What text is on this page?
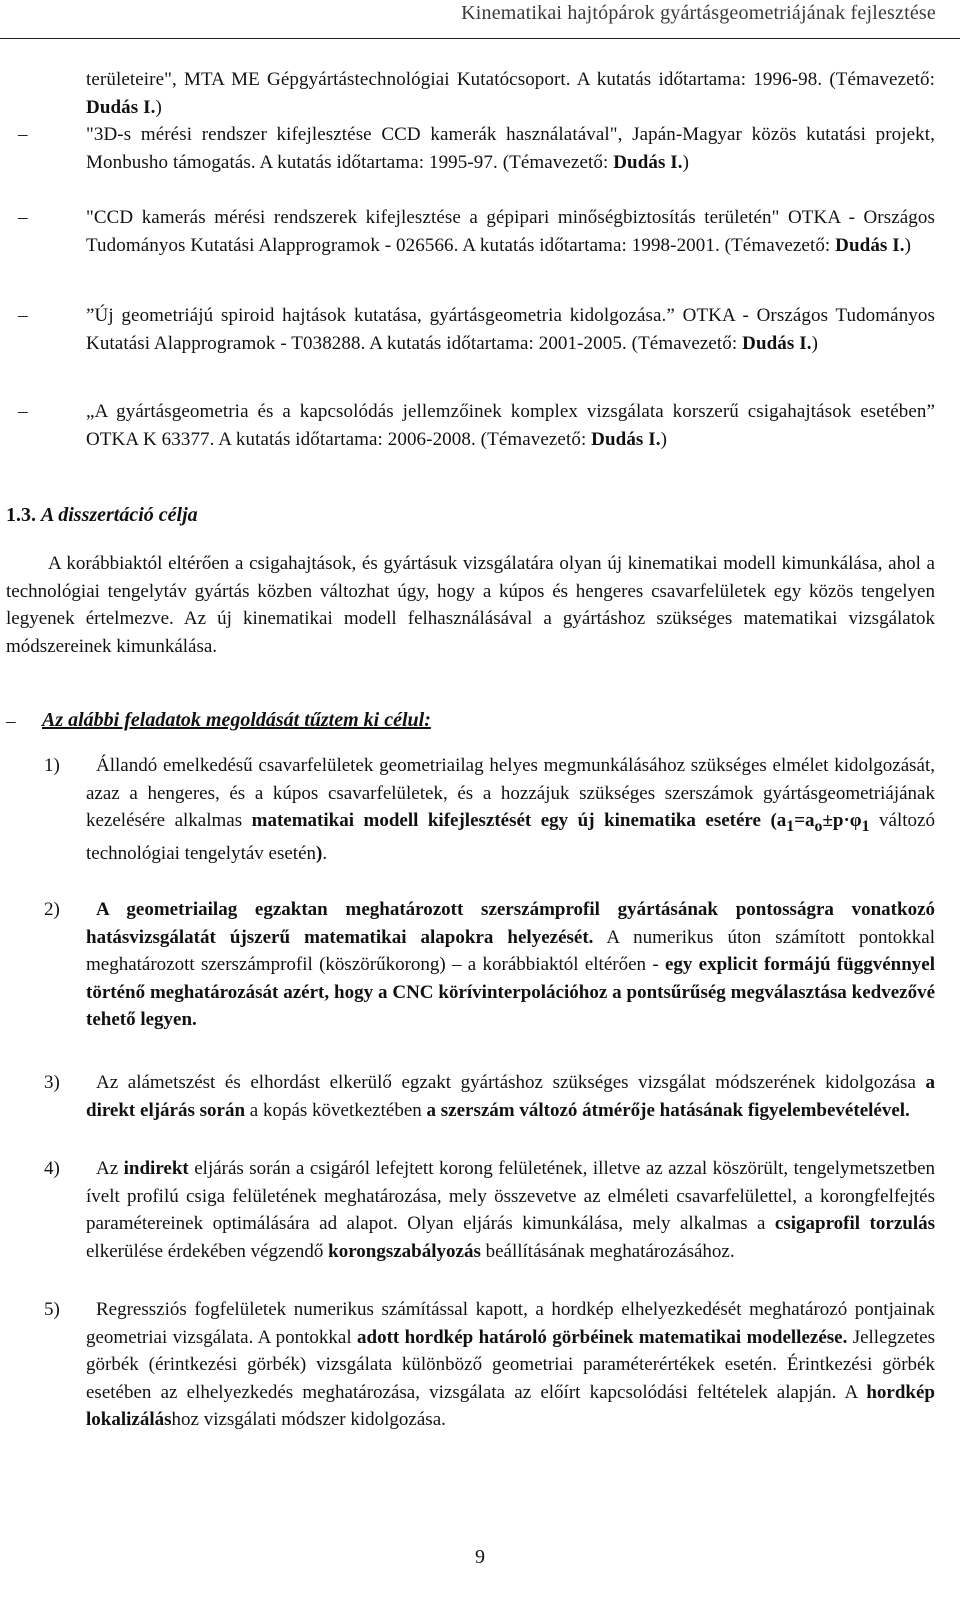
Kinematikai hajtópárok gyártásgeometriájának fejlesztése
területeire", MTA ME Gépgyártástechnológiai Kutatócsoport. A kutatás időtartama: 1996-98. (Témavezető: Dudás I.)
–	"3D-s mérési rendszer kifejlesztése CCD kamerák használatával", Japán-Magyar közös kutatási projekt, Monbusho támogatás. A kutatás időtartama: 1995-97. (Témavezető: Dudás I.)
–	"CCD kamerás mérési rendszerek kifejlesztése a gépipari minőségbiztosítás területén" OTKA - Országos Tudományos Kutatási Alapprogramok - 026566. A kutatás időtartama: 1998-2001. (Témavezető: Dudás I.)
–	”Új geometriájú spiroid hajtások kutatása, gyártásgeometria kidolgozása.” OTKA - Országos Tudományos Kutatási Alapprogramok - T038288. A kutatás időtartama: 2001-2005. (Témavezető: Dudás I.)
–	„A gyártásgeometria és a kapcsolódás jellemzőinek komplex vizsgálata korszerű csigahajtások esetében” OTKA K 63377. A kutatás időtartama: 2006-2008. (Témavezető: Dudás I.)
1.3. A disszertáció célja
A korábbiaktól eltérően a csigahajtások, és gyártásuk vizsgálatára olyan új kinematikai modell kimunkálása, ahol a technológiai tengelytáv gyártás közben változhat úgy, hogy a kúpos és hengeres csavarfelületek egy közös tengelyen legyenek értelmezve. Az új kinematikai modell felhasználásával a gyártáshoz szükséges matematikai vizsgálatok módszereinek kimunkálása.
– Az alábbi feladatok megoldását tűztem ki célul:
1)	Állandó emelkedésű csavarfelületek geometriailag helyes megmunkálásához szükséges elmélet kidolgozását, azaz a hengeres, és a kúpos csavarfelületek, és a hozzájuk szükséges szerszámok gyártásgeometriájának kezelésére alkalmas matematikai modell kifejlesztését egy új kinematika esetére ($a_1=a_o\pm p\cdot\varphi_1$ változó technológiai tengelytáv esetén).
2)	A geometriailag egzaktan meghatározott szerszámprofil gyártásának pontosságra vonatkozó hatásvizsgálatát újszerű matematikai alapokra helyezését. A numerikus úton számított pontokkal meghatározott szerszámprofil (köszörűkorong) – a korábbiaktól eltérően - egy explicit formájú függvénnyel történő meghatározását azért, hogy a CNC körívinterpolációhoz a pontsűrűség megválasztása kedvezővé tehető legyen.
3)	Az alámetszést és elhordást elkerülő egzakt gyártáshoz szükséges vizsgálat módszerének kidolgozása a direkt eljárás során a kopás következtében a szerszám változó átmérője hatásának figyelembevételével.
4)	Az indirekt eljárás során a csigáról lefejtett korong felületének, illetve az azzal köszörült, tengelymetszetben ívelt profilú csiga felületének meghatározása, mely összevetve az elméleti csavarfelülettel, a korongfelfejtés paramétereinek optimálására ad alapot. Olyan eljárás kimunkálása, mely alkalmas a csigaprofil torzulás elkerülése érdekében végzendő korongszabályozás beállításának meghatározásához.
5)	Regressziós fogfelületek numerikus számítással kapott, a hordkép elhelyezkedését meghatározó pontjainak geometriai vizsgálata. A pontokkal adott hordkép határoló görbéinek matematikai modellezése. Jellegzetes görbék (érintkezési görbék) vizsgálata különböző geometriai paraméterértékek esetén. Érintkezési görbék esetében az elhelyezkedés meghatározása, vizsgálata az előírt kapcsolódási feltételek alapján. A hordkép lokalizáláshoz vizsgálati módszer kidolgozása.
9
